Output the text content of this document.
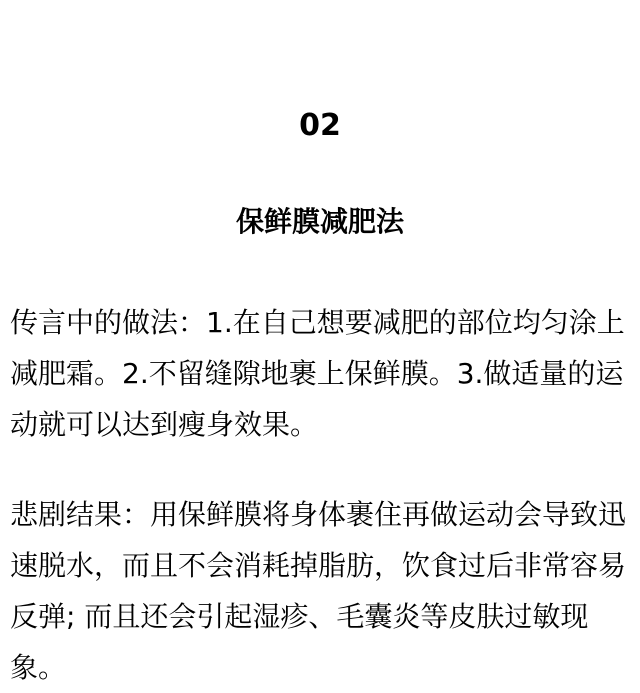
02
保鲜膜减肥法

传言中的做法：1.在自己想要减肥的部位均匀涂上减肥霜。2.不留缝隙地裹上保鲜膜。3.做适量的运动就可以达到瘦身效果。

悲剧结果：用保鲜膜将身体裹住再做运动会导致迅速脱水，而且不会消耗掉脂肪，饮食过后非常容易反弹; 而且还会引起湿疹、毛囊炎等皮肤过敏现象。
